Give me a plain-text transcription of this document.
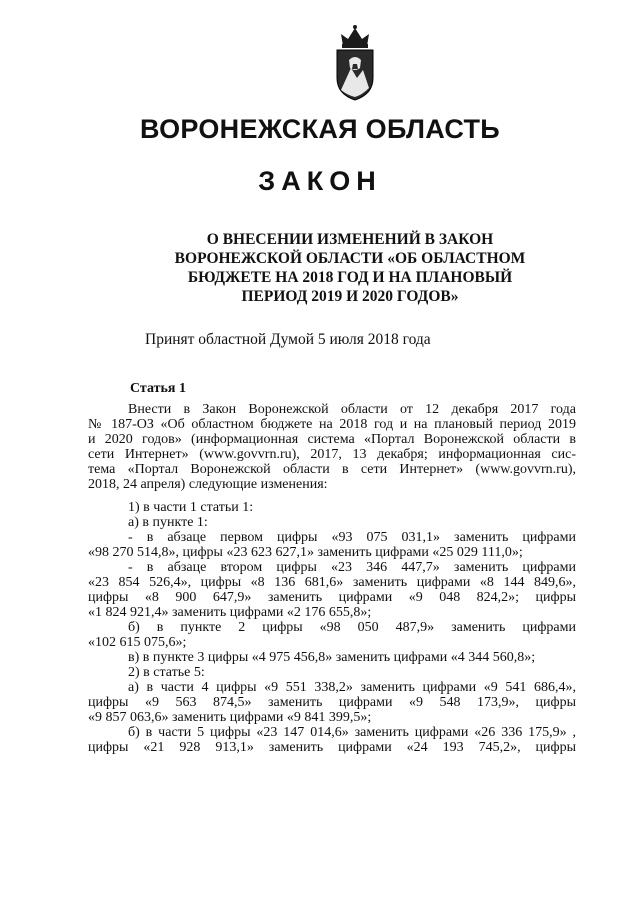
ВОРОНЕЖСКАЯ ОБЛАСТЬ
ЗАКОН
О ВНЕСЕНИИ ИЗМЕНЕНИЙ В ЗАКОН
ВОРОНЕЖСКОЙ ОБЛАСТИ «ОБ ОБЛАСТНОМ
БЮДЖЕТЕ НА 2018 ГОД И НА ПЛАНОВЫЙ
ПЕРИОД 2019 И 2020 ГОДОВ»
Принят областной Думой 5 июля 2018 года
Статья 1
Внести в Закон Воронежской области от 12 декабря 2017 года
№ 187-ОЗ «Об областном бюджете на 2018 год и на плановый период 2019
и 2020 годов» (информационная система «Портал Воронежской области в
сети Интернет» (www.govvrn.ru), 2017, 13 декабря; информационная сис-
тема «Портал Воронежской области в сети Интернет» (www.govvrn.ru),
2018, 24 апреля) следующие изменения:
1) в части 1 статьи 1:
а) в пункте 1:
- в абзаце первом цифры «93 075 031,1» заменить цифрами
«98 270 514,8», цифры «23 623 627,1» заменить цифрами «25 029 111,0»;
- в абзаце втором цифры «23 346 447,7» заменить цифрами
«23 854 526,4», цифры «8 136 681,6» заменить цифрами «8 144 849,6»,
цифры «8 900 647,9» заменить цифрами «9 048 824,2»; цифры
«1 824 921,4» заменить цифрами «2 176 655,8»;
б) в пункте 2 цифры «98 050 487,9» заменить цифрами
«102 615 075,6»;
в) в пункте 3 цифры «4 975 456,8» заменить цифрами «4 344 560,8»;
2) в статье 5:
а) в части 4 цифры «9 551 338,2» заменить цифрами «9 541 686,4»,
цифры «9 563 874,5» заменить цифрами «9 548 173,9», цифры
«9 857 063,6» заменить цифрами «9 841 399,5»;
б) в части 5 цифры «23 147 014,6» заменить цифрами «26 336 175,9» ,
цифры «21 928 913,1» заменить цифрами «24 193 745,2», цифры
